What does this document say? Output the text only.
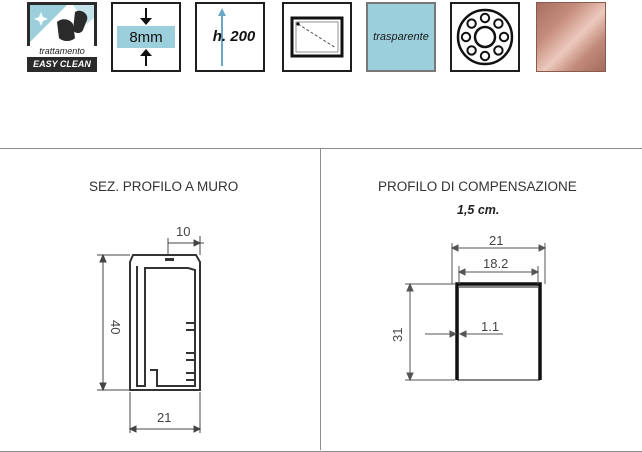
trattamento
EASY CLEAN
8mm	h. 200	trasparente
SEZ. PROFILO A MURO
10
40
21
PROFILO DI COMPENSAZIONE
1,5 cm.
21
18.2
31
1.1
